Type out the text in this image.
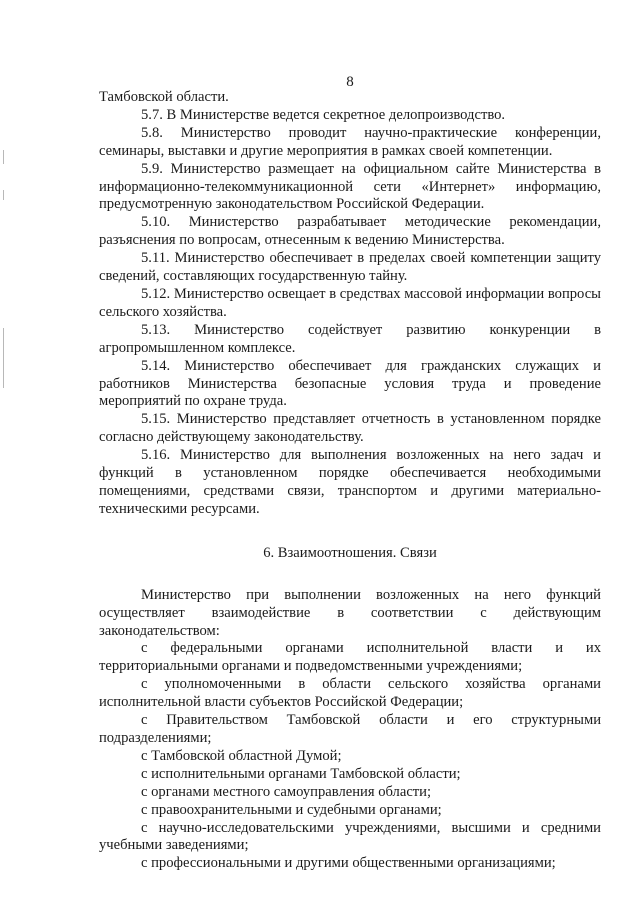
8

Тамбовской области.

5.7. В Министерстве ведется секретное делопроизводство.

5.8. Министерство проводит научно-практические конференции, семинары, выставки и другие мероприятия в рамках своей компетенции.

5.9. Министерство размещает на официальном сайте Министерства в информационно-телекоммуникационной сети «Интернет» информацию, предусмотренную законодательством Российской Федерации.

5.10. Министерство разрабатывает методические рекомендации, разъяснения по вопросам, отнесенным к ведению Министерства.

5.11. Министерство обеспечивает в пределах своей компетенции защиту сведений, составляющих государственную тайну.

5.12. Министерство освещает в средствах массовой информации вопросы сельского хозяйства.

5.13. Министерство содействует развитию конкуренции в агропромышленном комплексе.

5.14. Министерство обеспечивает для гражданских служащих и работников Министерства безопасные условия труда и проведение мероприятий по охране труда.

5.15. Министерство представляет отчетность в установленном порядке согласно действующему законодательству.

5.16. Министерство для выполнения возложенных на него задач и функций в установленном порядке обеспечивается необходимыми помещениями, средствами связи, транспортом и другими материально-техническими ресурсами.

6. Взаимоотношения. Связи

Министерство при выполнении возложенных на него функций осуществляет взаимодействие в соответствии с действующим законодательством:

с федеральными органами исполнительной власти и их территориальными органами и подведомственными учреждениями;

с уполномоченными в области сельского хозяйства органами исполнительной власти субъектов Российской Федерации;

с Правительством Тамбовской области и его структурными подразделениями;

с Тамбовской областной Думой;

с исполнительными органами Тамбовской области;

с органами местного самоуправления области;

с правоохранительными и судебными органами;

с научно-исследовательскими учреждениями, высшими и средними учебными заведениями;

с профессиональными и другими общественными организациями;
